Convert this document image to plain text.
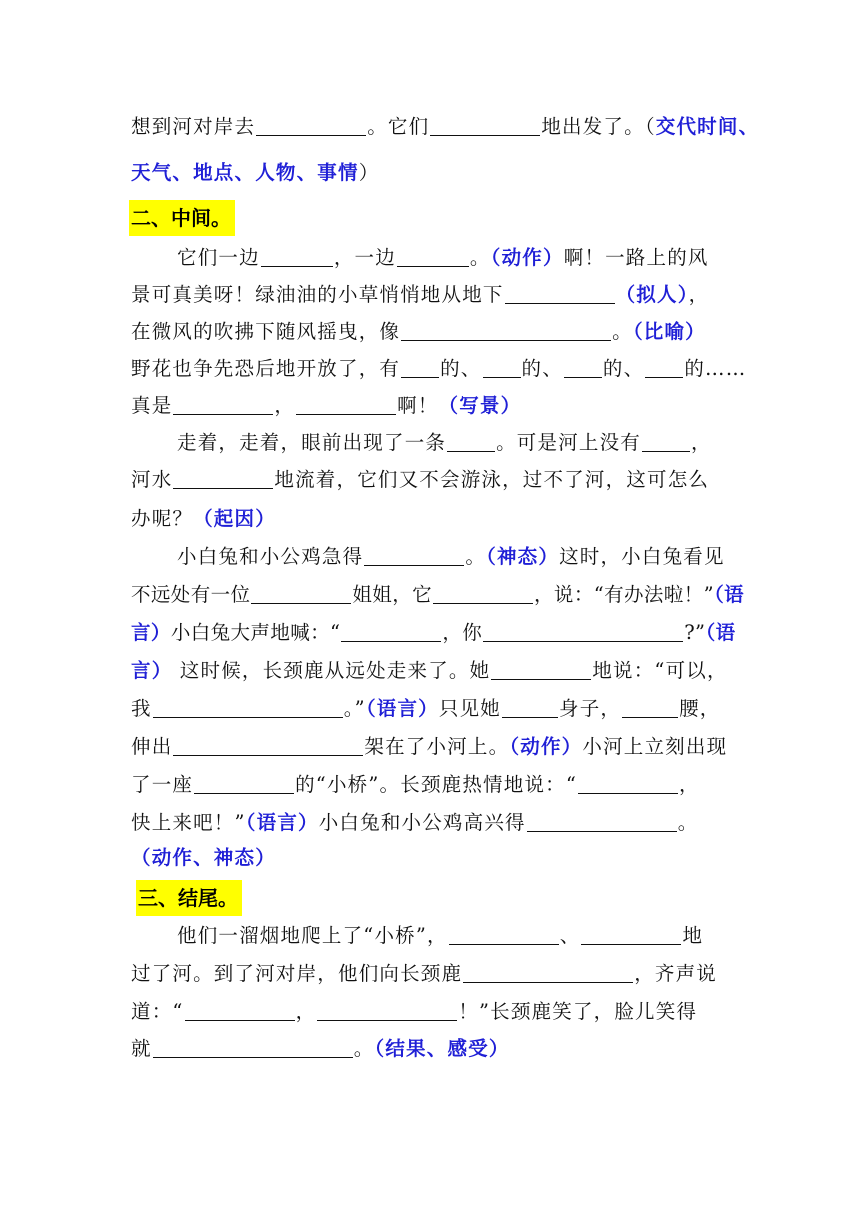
想到河对岸去	。它们	地出发了。（交代时间、
天气、地点、人物、事情）
二、中间。
它们一边	，一边	。（动作）啊！一路上的风
景可真美呀！绿油油的小草悄悄地从地下	（拟人），
在微风的吹拂下随风摇曳，像	。（比喻）
野花也争先恐后地开放了，有 的、 的、 的、 的……
真是	，	啊！（写景）
走着，走着，眼前出现了一条	。可是河上没有	，
河水	地流着，它们又不会游泳，过不了河，这可怎么
办呢？（起因）
小白兔和小公鸡急得	。（神态）这时，小白兔看见
不远处有一位	姐姐，它	，说：“有办法啦！”（语
言）小白兔大声地喊：“	，你	?”（语
言） 这时候，长颈鹿从远处走来了。她	地说：“可以，
我	。”（语言）只见她	身子，	腰，
伸出	架在了小河上。（动作）小河上立刻出现
了一座	的“小桥”。长颈鹿热情地说：“	，
快上来吧！”（语言）小白兔和小公鸡高兴得	。
（动作、神态）
三、结尾。
他们一溜烟地爬上了“小桥”，	、	地
过了河。到了河对岸，他们向长颈鹿	，齐声说
道：“	，	！”长颈鹿笑了，脸儿笑得
就	。（结果、感受）
